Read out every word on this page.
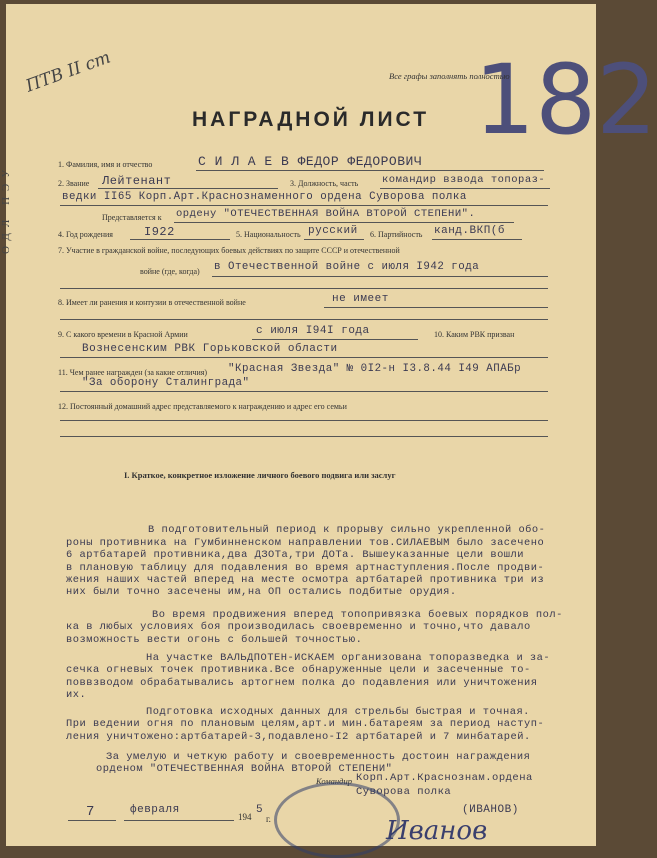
ОДЛ ПЭУ
ПТВ II ст	182
Все графы заполнять полностью
НАГРАДНОЙ ЛИСТ
1. Фамилия, имя и отчество	С И Л А Е В ФЕДОР ФЕДОРОВИЧ
2. Звание Лейтенант	3. Должность, часть командир взвода топораз-
ведки II65 Корп.Арт.Краснознаменного ордена Суворова полка
Представляется к ордену "ОТЕЧЕСТВЕННАЯ ВОЙНА ВТОРОЙ СТЕПЕНИ".
4. Год рождения	I922	5. Национальность русский 6. Партийность канд.ВКП(б
7. Участие в гражданской войне, последующих боевых действиях по защите СССР и отечественной
войне (где, когда) в Отечественной войне с июля I942 года
8. Имеет ли ранения и контузии в отечественной войне	не имеет
9. С какого времени в Красной Армии	с июля I94I года	10. Каким РВК призван
Вознесенским РВК Горьковской области
11. Чем ранее награжден (за какие отличия) "Красная Звезда" № 0I2-н I3.8.44 I49 АПАБр
"За оборону Сталинграда"
12. Постоянный домашний адрес представляемого к награждению и адрес его семьи
I. Краткое, конкретное изложение личного боевого подвига или заслуг

В подготовительный период к прорыву сильно укрепленной обо-
роны противника на Гумбинненском направлении тов.СИЛАЕВЫМ было засечено
6 артбатарей противника,два ДЗОТа,три ДОТа. Вышеуказанные цели вошли
в плановую таблицу для подавления во время артнаступления.После продви-
жения наших частей вперед на месте осмотра артбатарей противника три из
них были точно засечены им,на ОП остались подбитые орудия.
Во время продвижения вперед топопривязка боевых порядков пол-
ка в любых условиях боя производилась своевременно и точно,что давало
возможность вести огонь с большей точностью.
На участке ВАЛЬДПОТЕН-ИСКАЕМ организована топоразведка и за-
сечка огневых точек противника.Все обнаруженные цели и засеченные то-
поввзводом обрабатывались артогнем полка до подавления или уничтожения
их.
Подготовка исходных данных для стрельбы быстрая и точная.
При ведении огня по плановым целям,арт.и мин.батареям за период наступ-
ления уничтожено:артбатарей-3,подавлено-I2 артбатарей и 7 минбатарей.
За умелую и четкую работу и своевременность достоин награждения
орденом "ОТЕЧЕСТВЕННАЯ ВОЙНА ВТОРОЙ СТЕПЕНИ"

Командир Корп.Арт.Краснознам.ордена
Суворова полка
(ИВАНОВ)
Иванов
7	февраля
194
5
г.
